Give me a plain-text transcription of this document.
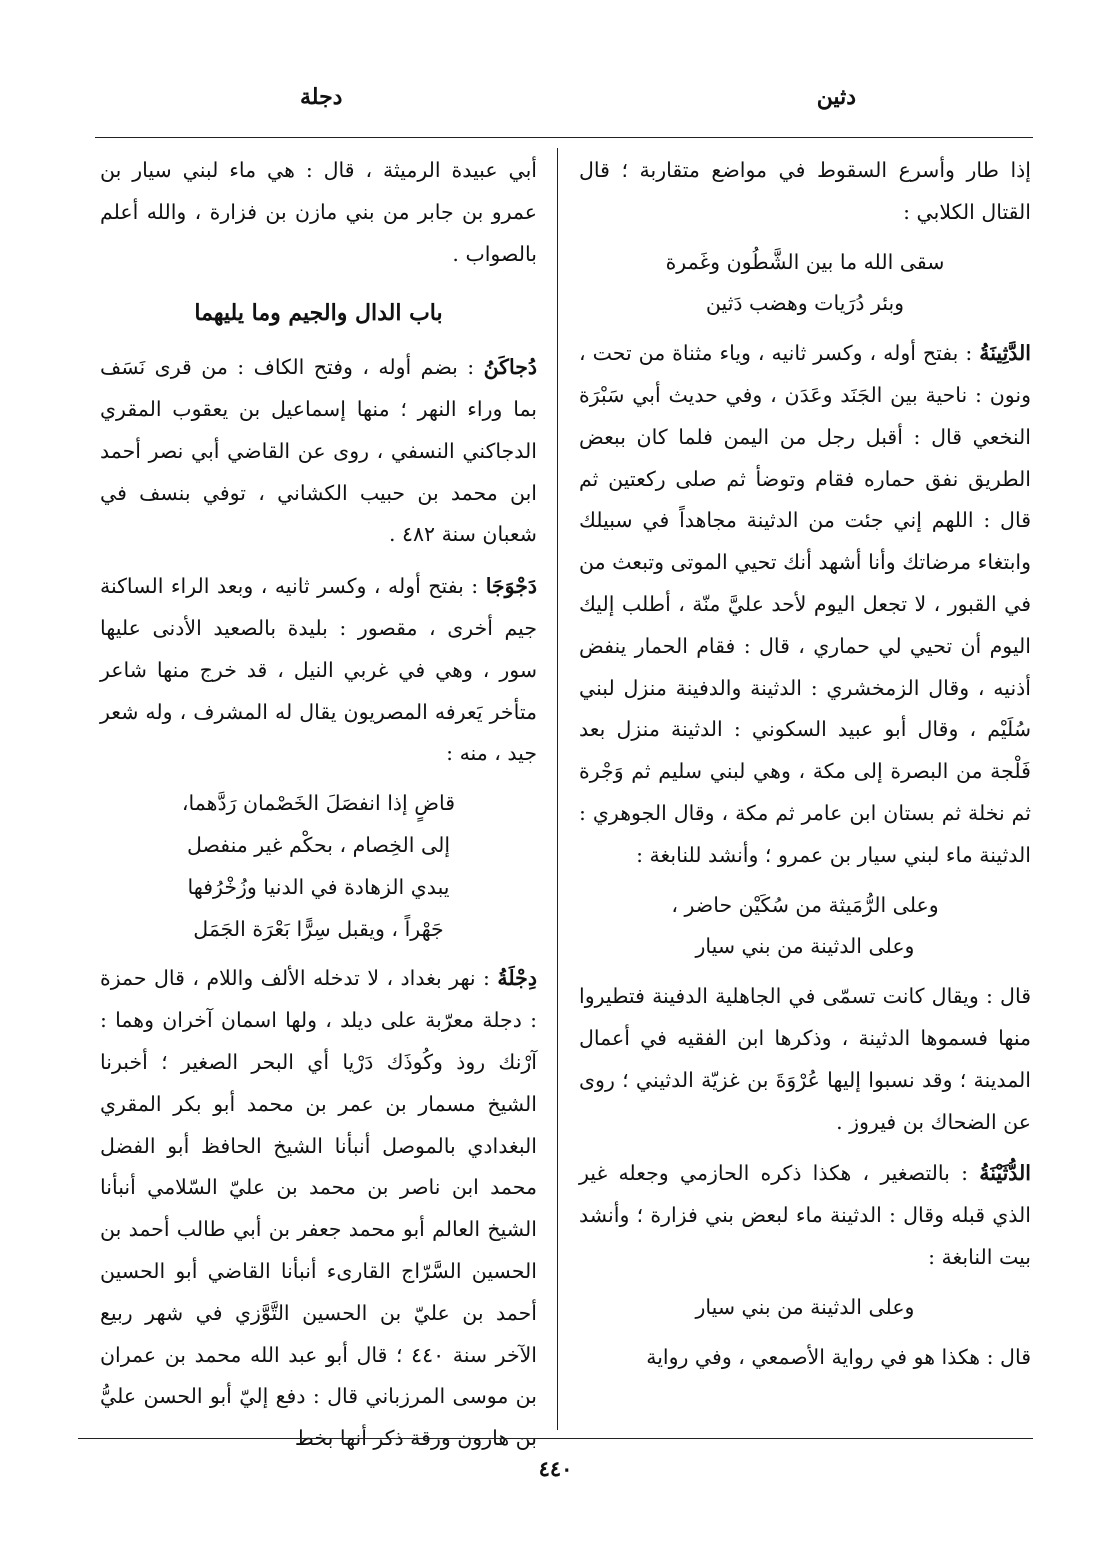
دثين
دجلة

إذا طار وأسرع السقوط في مواضع متقاربة ؛ قال القتال الكلابي :

سقى الله ما بين الشَّطُون وغَمرة
وبئر دُرَيات وهضب دَثين

الدَّثِينَةُ : بفتح أوله ، وكسر ثانيه ، وياء مثناة من تحت ، ونون : ناحية بين الجَنَد وعَدَن ، وفي حديث أبي سَبْرَة النخعي قال : أقبل رجل من اليمن فلما كان ببعض الطريق نفق حماره فقام وتوضأ ثم صلى ركعتين ثم قال : اللهم إني جئت من الدثينة مجاهداً في سبيلك وابتغاء مرضاتك وأنا أشهد أنك تحيي الموتى وتبعث من في القبور ، لا تجعل اليوم لأحد عليَّ منّة ، أطلب إليك اليوم أن تحيي لي حماري ، قال : فقام الحمار ينفض أذنيه ، وقال الزمخشري : الدثينة والدفينة منزل لبني سُلَيْم ، وقال أبو عبيد السكوني : الدثينة منزل بعد فَلْجة من البصرة إلى مكة ، وهي لبني سليم ثم وَجْرة ثم نخلة ثم بستان ابن عامر ثم مكة ، وقال الجوهري : الدثينة ماء لبني سيار بن عمرو ؛ وأنشد للنابغة :

وعلى الرُّمَيثة من سُكَيْن حاضر ،
وعلى الدثينة من بني سيار

قال : ويقال كانت تسمّى في الجاهلية الدفينة فتطيروا منها فسموها الدثينة ، وذكرها ابن الفقيه في أعمال المدينة ؛ وقد نسبوا إليها عُرْوَةَ بن غزيّة الدثيني ؛ روى عن الضحاك بن فيروز .

الدُّثَيْنَةُ : بالتصغير ، هكذا ذكره الحازمي وجعله غير الذي قبله وقال : الدثينة ماء لبعض بني فزارة ؛ وأنشد بيت النابغة :

وعلى الدثينة من بني سيار

قال : هكذا هو في رواية الأصمعي ، وفي رواية

أبي عبيدة الرميثة ، قال : هي ماء لبني سيار بن عمرو بن جابر من بني مازن بن فزارة ، والله أعلم بالصواب .

باب الدال والجيم وما يليهما

دُجاكَنُ : بضم أوله ، وفتح الكاف : من قرى نَسَف بما وراء النهر ؛ منها إسماعيل بن يعقوب المقري الدجاكني النسفي ، روى عن القاضي أبي نصر أحمد ابن محمد بن حبيب الكشاني ، توفي بنسف في شعبان سنة ٤٨٢ .

دَجْوَجَا : بفتح أوله ، وكسر ثانيه ، وبعد الراء الساكنة جيم أخرى ، مقصور : بليدة بالصعيد الأدنى عليها سور ، وهي في غربي النيل ، قد خرج منها شاعر متأخر يَعرفه المصريون يقال له المشرف ، وله شعر جيد ، منه :

قاضٍ إذا انفصَلَ الخَصْمان رَدَّهما،
إلى الخِصام ، بحكْم غير منفصل
يبدي الزهادة في الدنيا وزُخْرُفها
جَهْراً ، ويقبل سِرًّا بَعْرَة الجَمَل

دِجْلَةُ : نهر بغداد ، لا تدخله الألف واللام ، قال حمزة : دجلة معرّبة على ديلد ، ولها اسمان آخران وهما : آرْنك روذ وكُوذَك دَرْيا أي البحر الصغير ؛ أخبرنا الشيخ مسمار بن عمر بن محمد أبو بكر المقري البغدادي بالموصل أنبأنا الشيخ الحافظ أبو الفضل محمد ابن ناصر بن محمد بن عليّ السّلامي أنبأنا الشيخ العالم أبو محمد جعفر بن أبي طالب أحمد بن الحسين السَّرّاج القارىء أنبأنا القاضي أبو الحسين أحمد بن عليّ بن الحسين التَّوَّزي في شهر ربيع الآخر سنة ٤٤٠ ؛ قال أبو عبد الله محمد بن عمران بن موسى المرزباني قال : دفع إليّ أبو الحسن عليُّ بن هارون ورقة ذكر أنها بخط

٤٤٠
